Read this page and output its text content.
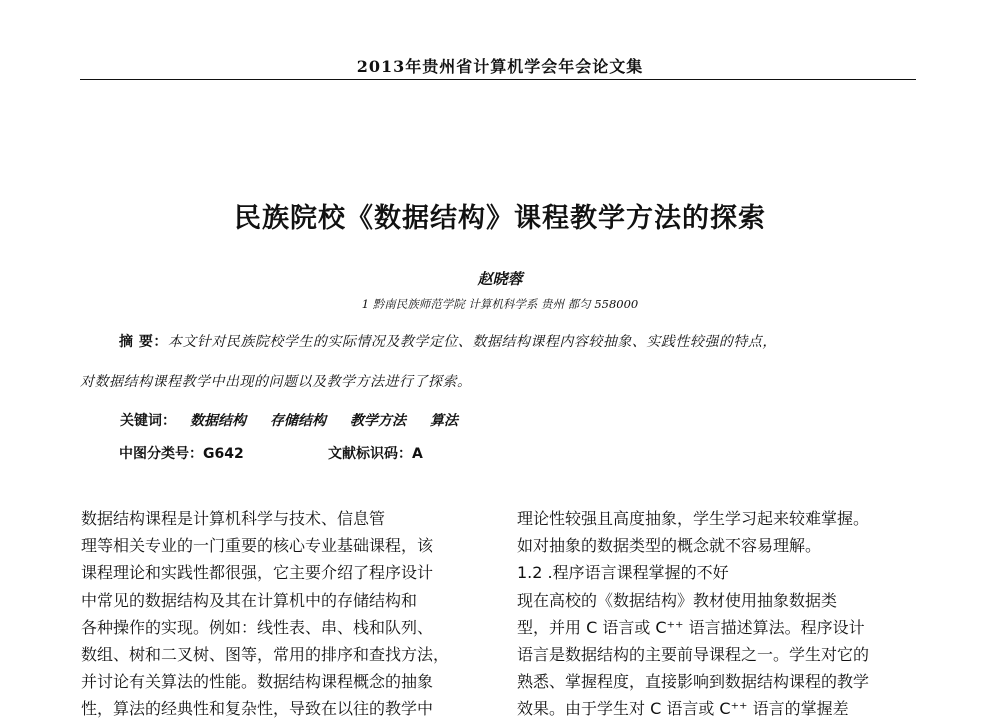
2013年贵州省计算机学会年会论文集
民族院校《数据结构》课程教学方法的探索
赵晓蓉
1 黔南民族师范学院 计算机科学系 贵州 都匀 558000
摘 要：本文针对民族院校学生的实际情况及教学定位、数据结构课程内容较抽象、实践性较强的特点，
对数据结构课程教学中出现的问题以及教学方法进行了探索。
关键词： 数据结构 存储结构 教学方法 算法
中图分类号：G642	文献标识码：A
数据结构课程是计算机科学与技术、信息管
理等相关专业的一门重要的核心专业基础课程，该
课程理论和实践性都很强，它主要介绍了程序设计
中常见的数据结构及其在计算机中的存储结构和
各种操作的实现。例如：线性表、串、栈和队列、
数组、树和二叉树、图等，常用的排序和查找方法，
并讨论有关算法的性能。数据结构课程概念的抽象
性，算法的经典性和复杂性，导致在以往的教学中
理论性较强且高度抽象，学生学习起来较难掌握。
如对抽象的数据类型的概念就不容易理解。
1.2 .程序语言课程掌握的不好
现在高校的《数据结构》教材使用抽象数据类
型，并用 C 语言或 C⁺⁺ 语言描述算法。程序设计
语言是数据结构的主要前导课程之一。学生对它的
熟悉、掌握程度，直接影响到数据结构课程的教学
效果。由于学生对 C 语言或 C⁺⁺ 语言的掌握差
